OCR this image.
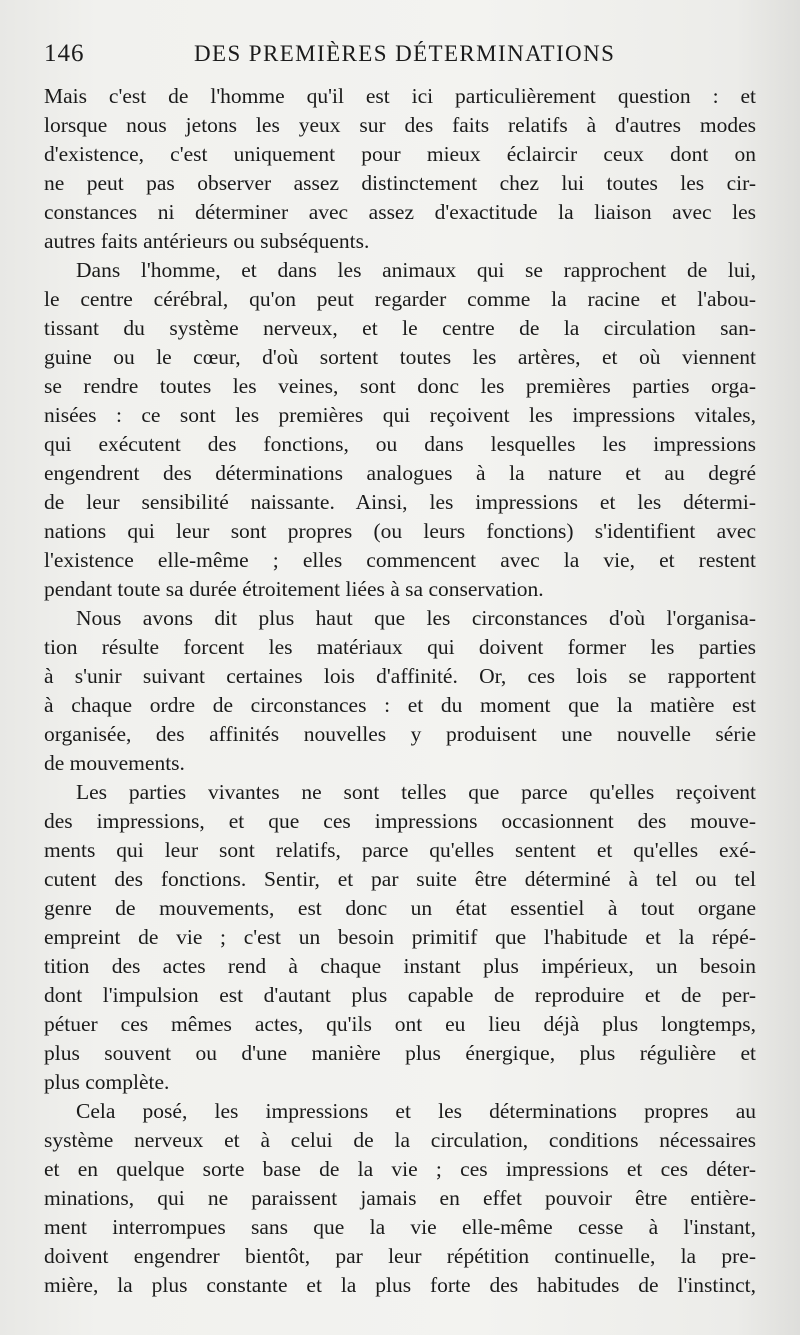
146	DES PREMIÈRES DÉTERMINATIONS
Mais c'est de l'homme qu'il est ici particulièrement question : et
lorsque nous jetons les yeux sur des faits relatifs à d'autres modes
d'existence, c'est uniquement pour mieux éclaircir ceux dont on
ne peut pas observer assez distinctement chez lui toutes les cir-
constances ni déterminer avec assez d'exactitude la liaison avec les
autres faits antérieurs ou subséquents.
Dans l'homme, et dans les animaux qui se rapprochent de lui,
le centre cérébral, qu'on peut regarder comme la racine et l'abou-
tissant du système nerveux, et le centre de la circulation san-
guine ou le cœur, d'où sortent toutes les artères, et où viennent
se rendre toutes les veines, sont donc les premières parties orga-
nisées : ce sont les premières qui reçoivent les impressions vitales,
qui exécutent des fonctions, ou dans lesquelles les impressions
engendrent des déterminations analogues à la nature et au degré
de leur sensibilité naissante. Ainsi, les impressions et les détermi-
nations qui leur sont propres (ou leurs fonctions) s'identifient avec
l'existence elle-même ; elles commencent avec la vie, et restent
pendant toute sa durée étroitement liées à sa conservation.
Nous avons dit plus haut que les circonstances d'où l'organisa-
tion résulte forcent les matériaux qui doivent former les parties
à s'unir suivant certaines lois d'affinité. Or, ces lois se rapportent
à chaque ordre de circonstances : et du moment que la matière est
organisée, des affinités nouvelles y produisent une nouvelle série
de mouvements.
Les parties vivantes ne sont telles que parce qu'elles reçoivent
des impressions, et que ces impressions occasionnent des mouve-
ments qui leur sont relatifs, parce qu'elles sentent et qu'elles exé-
cutent des fonctions. Sentir, et par suite être déterminé à tel ou tel
genre de mouvements, est donc un état essentiel à tout organe
empreint de vie ; c'est un besoin primitif que l'habitude et la répé-
tition des actes rend à chaque instant plus impérieux, un besoin
dont l'impulsion est d'autant plus capable de reproduire et de per-
pétuer ces mêmes actes, qu'ils ont eu lieu déjà plus longtemps,
plus souvent ou d'une manière plus énergique, plus régulière et
plus complète.
Cela posé, les impressions et les déterminations propres au
système nerveux et à celui de la circulation, conditions nécessaires
et en quelque sorte base de la vie ; ces impressions et ces déter-
minations, qui ne paraissent jamais en effet pouvoir être entière-
ment interrompues sans que la vie elle-même cesse à l'instant,
doivent engendrer bientôt, par leur répétition continuelle, la pre-
mière, la plus constante et la plus forte des habitudes de l'instinct,
